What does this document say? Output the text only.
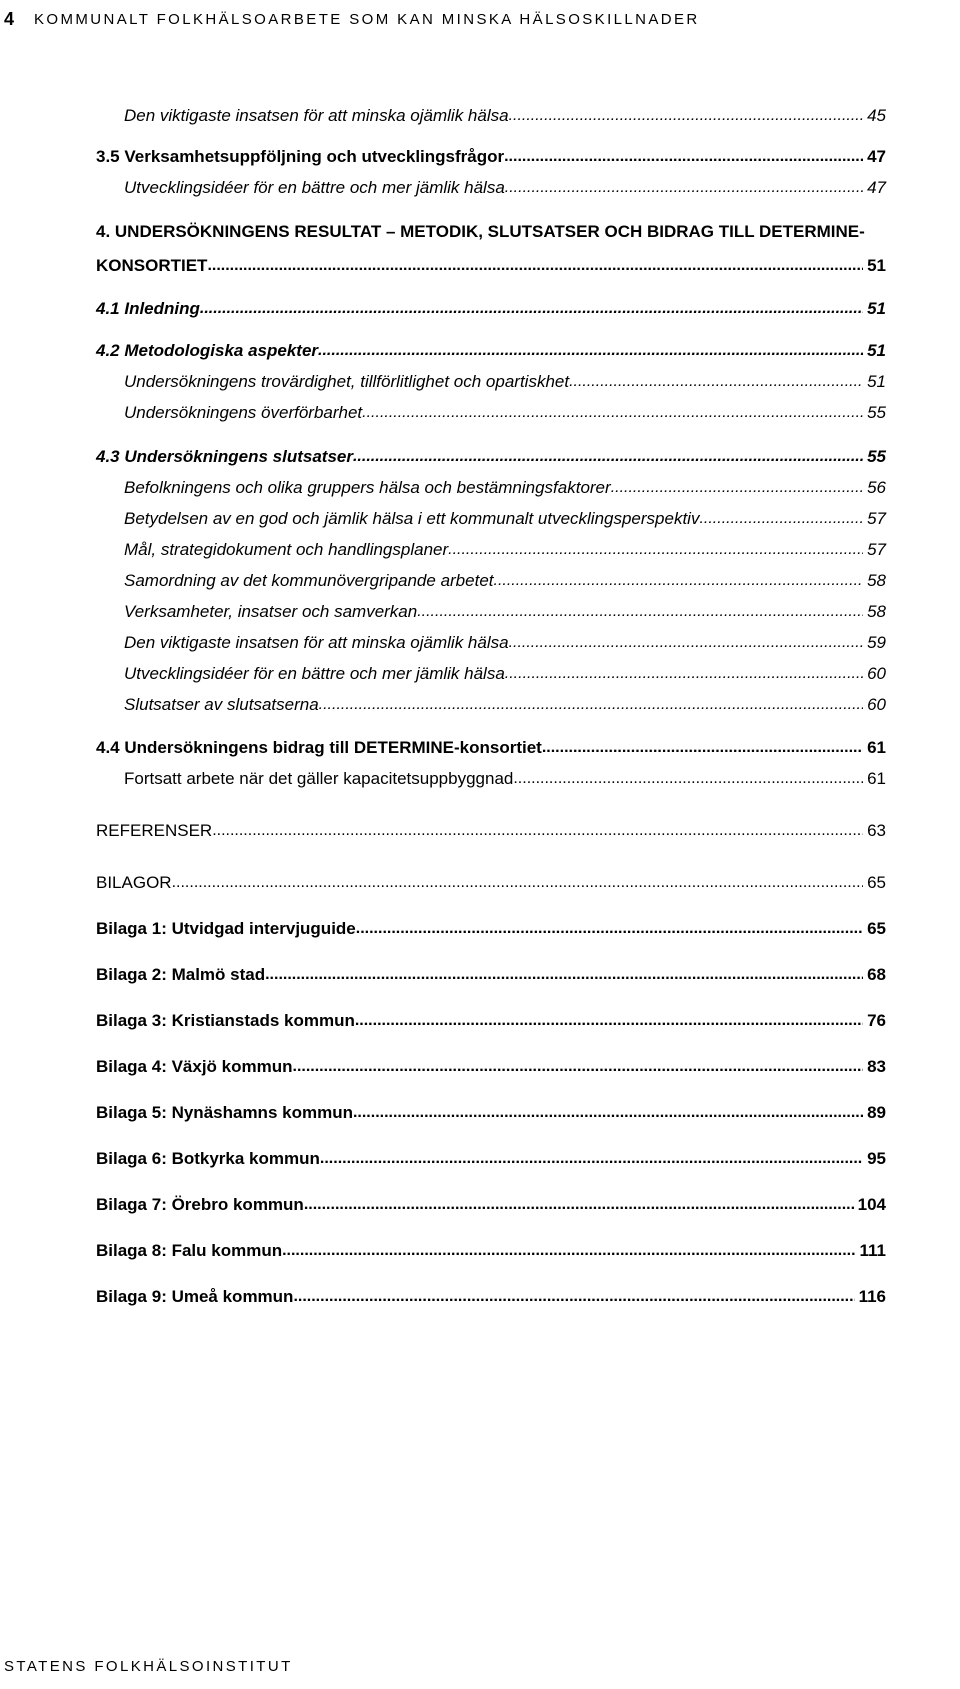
4	KOMMUNALT FOLKHÄLSOARBETE SOM KAN MINSKA HÄLSOSKILLNADER
Den viktigaste insatsen för att minska ojämlik hälsa .....	45
3.5 Verksamhetsuppföljning och utvecklingsfrågor .....	47
Utvecklingsidéer för en bättre och mer jämlik hälsa .....	47
4. UNDERSÖKNINGENS RESULTAT – METODIK, SLUTSATSER OCH BIDRAG TILL DETERMINE-
KONSORTIET .....	51
4.1 Inledning .....	51
4.2 Metodologiska aspekter .....	51
Undersökningens trovärdighet, tillförlitlighet och opartiskhet .....	51
Undersökningens överförbarhet .....	55
4.3 Undersökningens slutsatser .....	55
Befolkningens och olika gruppers hälsa och bestämningsfaktorer .....	56
Betydelsen av en god och jämlik hälsa i ett kommunalt utvecklingsperspektiv .....	57
Mål, strategidokument och handlingsplaner .....	57
Samordning av det kommunövergripande arbetet .....	58
Verksamheter, insatser och samverkan .....	58
Den viktigaste insatsen för att minska ojämlik hälsa .....	59
Utvecklingsidéer för en bättre och mer jämlik hälsa .....	60
Slutsatser av slutsatserna .....	60
4.4 Undersökningens bidrag till DETERMINE-konsortiet .....	61
Fortsatt arbete när det gäller kapacitetsuppbyggnad .....	61
REFERENSER .....	63
BILAGOR .....	65
Bilaga 1: Utvidgad intervjuguide .....	65
Bilaga 2: Malmö stad .....	68
Bilaga 3: Kristianstads kommun .....	76
Bilaga 4: Växjö kommun .....	83
Bilaga 5: Nynäshamns kommun .....	89
Bilaga 6: Botkyrka kommun .....	95
Bilaga 7: Örebro kommun .....	104
Bilaga 8: Falu kommun .....	111
Bilaga 9: Umeå kommun .....	116
STATENS FOLKHÄLSOINSTITUT
